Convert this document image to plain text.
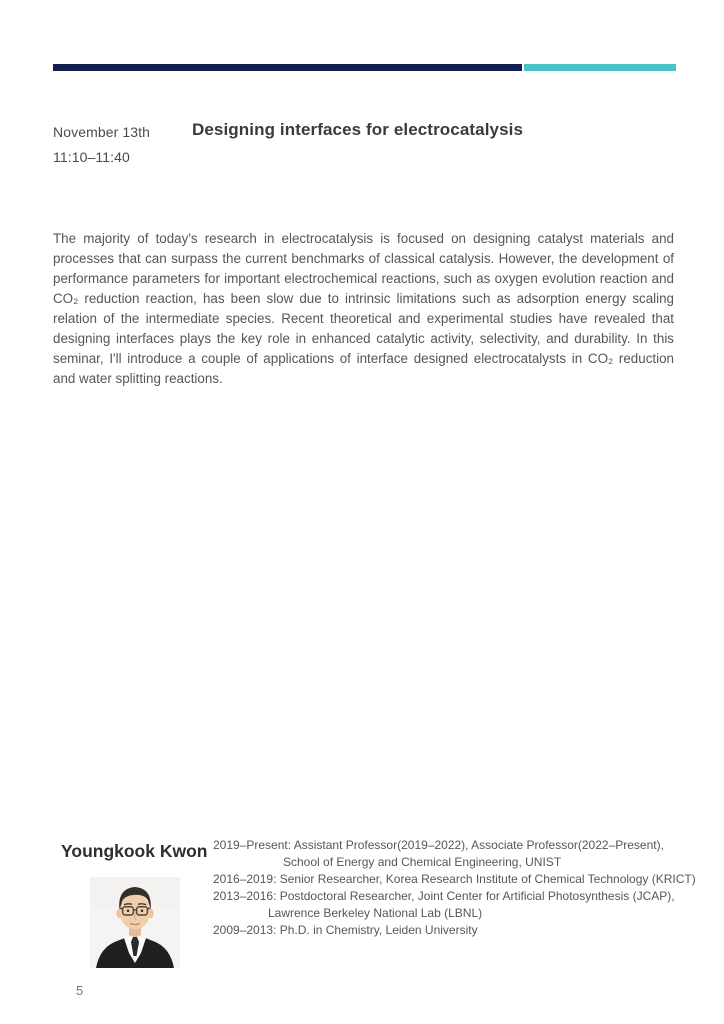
November 13th
11:10–11:40
Designing interfaces for electrocatalysis
The majority of today's research in electrocatalysis is focused on designing catalyst materials and processes that can surpass the current benchmarks of classical catalysis. However, the development of performance parameters for important electrochemical reactions, such as oxygen evolution reaction and CO₂ reduction reaction, has been slow due to intrinsic limitations such as adsorption energy scaling relation of the intermediate species. Recent theoretical and experimental studies have revealed that designing interfaces plays the key role in enhanced catalytic activity, selectivity, and durability. In this seminar, I'll introduce a couple of applications of interface designed electrocatalysts in CO₂ reduction and water splitting reactions.
Youngkook Kwon 2019–Present: Assistant Professor(2019–2022), Associate Professor(2022–Present),
School of Energy and Chemical Engineering, UNIST
2016–2019: Senior Researcher, Korea Research Institute of Chemical Technology (KRICT)
2013–2016: Postdoctoral Researcher, Joint Center for Artificial Photosynthesis (JCAP),
Lawrence Berkeley National Lab (LBNL)
2009–2013: Ph.D. in Chemistry, Leiden University
5
